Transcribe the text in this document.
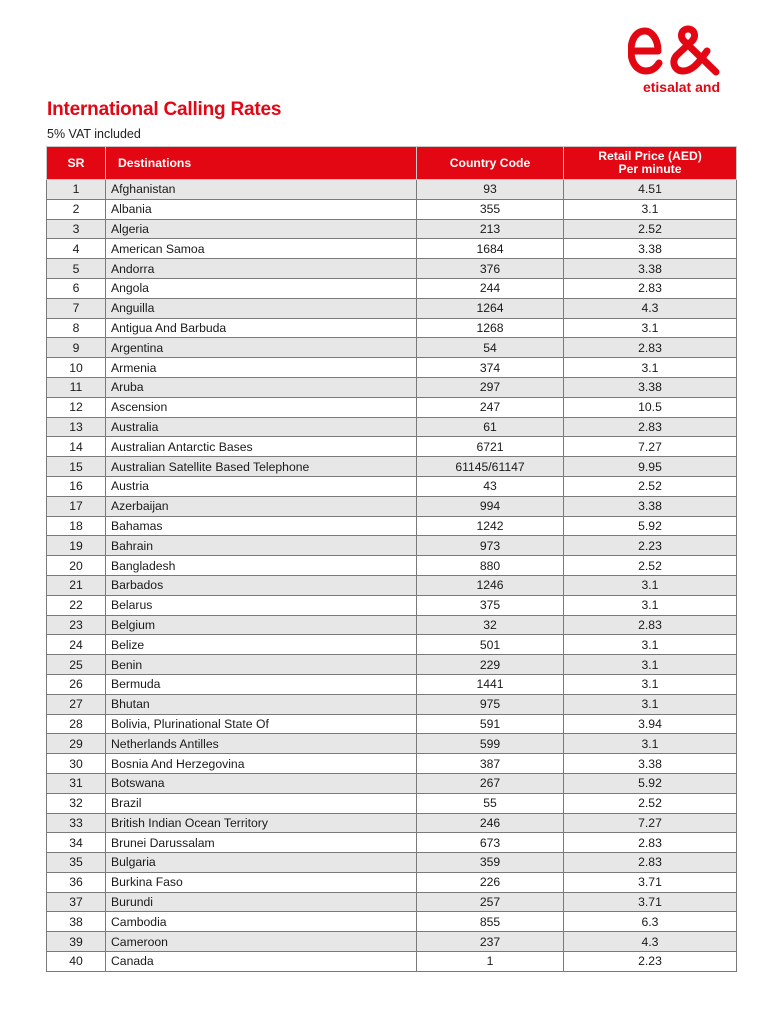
etisalat and
International Calling Rates
5% VAT included
SR	Destinations	Country Code	Retail Price (AED)
Per minute

1	Afghanistan	93	4.51
2	Albania	355	3.1
3	Algeria	213	2.52
4	American Samoa	1684	3.38
5	Andorra	376	3.38
6	Angola	244	2.83
7	Anguilla	1264	4.3
8	Antigua And Barbuda	1268	3.1
9	Argentina	54	2.83
10	Armenia	374	3.1
11	Aruba	297	3.38
12	Ascension	247	10.5
13	Australia	61	2.83
14	Australian Antarctic Bases	6721	7.27
15	Australian Satellite Based Telephone	61145/61147	9.95
16	Austria	43	2.52
17	Azerbaijan	994	3.38
18	Bahamas	1242	5.92
19	Bahrain	973	2.23
20	Bangladesh	880	2.52
21	Barbados	1246	3.1
22	Belarus	375	3.1
23	Belgium	32	2.83
24	Belize	501	3.1
25	Benin	229	3.1
26	Bermuda	1441	3.1
27	Bhutan	975	3.1
28	Bolivia, Plurinational State Of	591	3.94
29	Netherlands Antilles	599	3.1
30	Bosnia And Herzegovina	387	3.38
31	Botswana	267	5.92
32	Brazil	55	2.52
33	British Indian Ocean Territory	246	7.27
34	Brunei Darussalam	673	2.83
35	Bulgaria	359	2.83
36	Burkina Faso	226	3.71
37	Burundi	257	3.71
38	Cambodia	855	6.3
39	Cameroon	237	4.3
40	Canada	1	2.23
